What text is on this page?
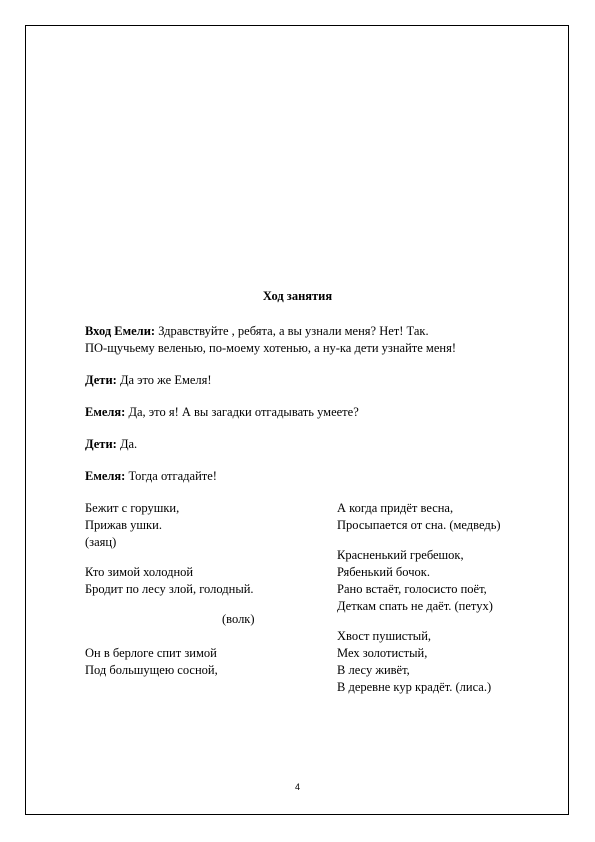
Ход занятия
Вход Емели: Здравствуйте , ребята, а вы узнали меня? Нет! Так.
ПО-щучьему веленью, по-моему хотенью, а ну-ка дети узнайте меня!
Дети: Да это же Емеля!
Емеля: Да, это я! А вы загадки отгадывать умеете?
Дети: Да.
Емеля: Тогда отгадайте!
Бежит с горушки,
Прижав ушки.
(заяц)
Кто зимой холодной
Бродит по лесу злой, голодный.
(волк)
Он в берлоге спит зимой
Под большущею сосной,
А когда придёт весна,
Просыпается от сна. (медведь)
Красненький гребешок,
Рябенький бочок.
Рано встаёт, голосисто поёт,
Деткам спать не даёт. (петух)
Хвост пушистый,
Мех золотистый,
В лесу живёт,
В деревне кур крадёт. (лиса.)
4
